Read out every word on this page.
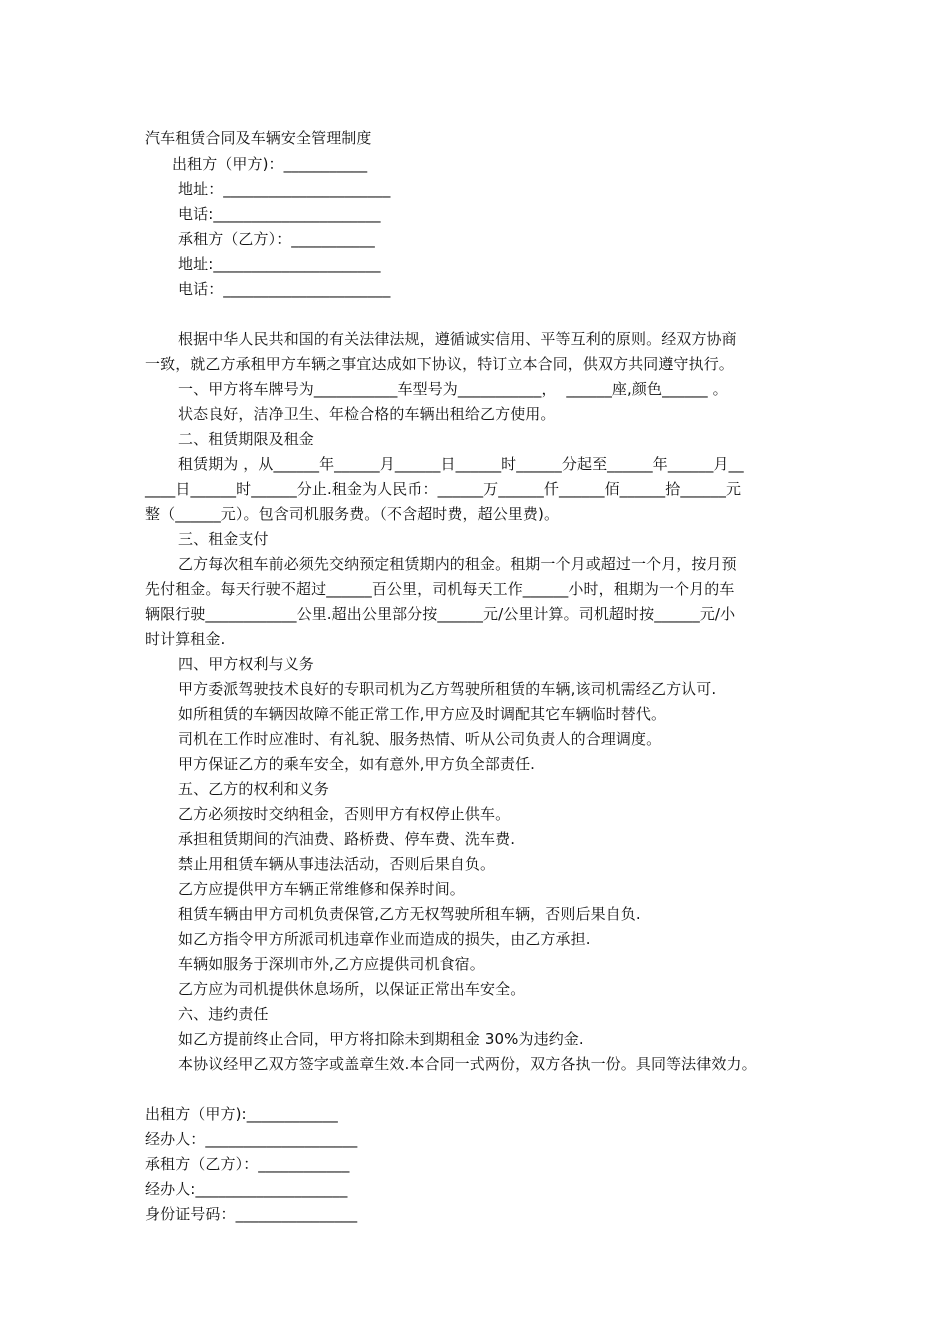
汽车租赁合同及车辆安全管理制度
出租方（甲方)：___________
地址：______________________
电话:______________________
承租方（乙方）：___________
地址:______________________
电话：______________________
根据中华人民共和国的有关法律法规，遵循诚实信用、平等互利的原则。经双方协商
一致，就乙方承租甲方车辆之事宜达成如下协议，特订立本合同，供双方共同遵守执行。
一、甲方将车牌号为___________车型号为___________，  ______座,颜色______ 。
状态良好，洁净卫生、年检合格的车辆出租给乙方使用。
二、租赁期限及租金
租赁期为 ，从______年______月______日______时______分起至______年______月__
____日______时______分止.租金为人民币：______万______仟______佰______拾______元
整（______元）。包含司机服务费。（不含超时费，超公里费)。
三、租金支付
乙方每次租车前必须先交纳预定租赁期内的租金。租期一个月或超过一个月，按月预
先付租金。每天行驶不超过______百公里，司机每天工作______小时，租期为一个月的车
辆限行驶____________公里.超出公里部分按______元/公里计算。司机超时按______元/小
时计算租金.
四、甲方权利与义务
甲方委派驾驶技术良好的专职司机为乙方驾驶所租赁的车辆,该司机需经乙方认可.
如所租赁的车辆因故障不能正常工作,甲方应及时调配其它车辆临时替代。
司机在工作时应准时、有礼貌、服务热情、听从公司负责人的合理调度。
甲方保证乙方的乘车安全，如有意外,甲方负全部责任.
五、乙方的权利和义务
乙方必须按时交纳租金，否则甲方有权停止供车。
承担租赁期间的汽油费、路桥费、停车费、洗车费.
禁止用租赁车辆从事违法活动，否则后果自负。
乙方应提供甲方车辆正常维修和保养时间。
租赁车辆由甲方司机负责保管,乙方无权驾驶所租车辆，否则后果自负.
如乙方指令甲方所派司机违章作业而造成的损失，由乙方承担.
车辆如服务于深圳市外,乙方应提供司机食宿。
乙方应为司机提供休息场所，以保证正常出车安全。
六、违约责任
如乙方提前终止合同，甲方将扣除未到期租金 30%为违约金.
本协议经甲乙双方签字或盖章生效.本合同一式两份，双方各执一份。具同等法律效力。
出租方（甲方):____________
经办人：____________________
承租方（乙方）：____________
经办人:____________________
身份证号码：________________
